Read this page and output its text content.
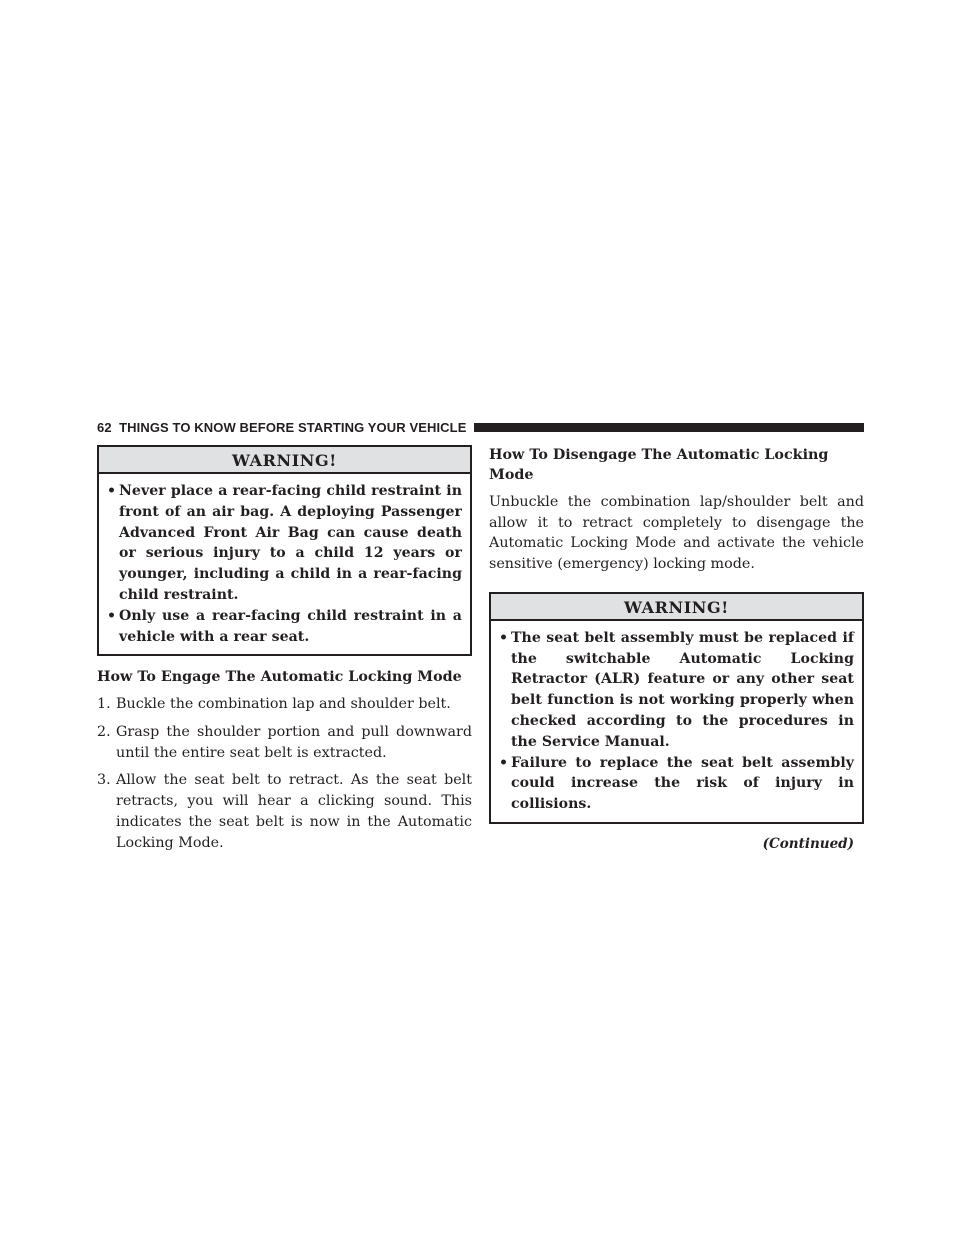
62 THINGS TO KNOW BEFORE STARTING YOUR VEHICLE
WARNING!
• Never place a rear-facing child restraint in front of an air bag. A deploying Passenger Advanced Front Air Bag can cause death or serious injury to a child 12 years or younger, including a child in a rear-facing child restraint.
• Only use a rear-facing child restraint in a vehicle with a rear seat.
How To Engage The Automatic Locking Mode
1. Buckle the combination lap and shoulder belt.
2. Grasp the shoulder portion and pull downward until the entire seat belt is extracted.
3. Allow the seat belt to retract. As the seat belt retracts, you will hear a clicking sound. This indicates the seat belt is now in the Automatic Locking Mode.
How To Disengage The Automatic Locking Mode
Unbuckle the combination lap/shoulder belt and allow it to retract completely to disengage the Automatic Locking Mode and activate the vehicle sensitive (emergency) locking mode.
WARNING!
• The seat belt assembly must be replaced if the switchable Automatic Locking Retractor (ALR) feature or any other seat belt function is not working properly when checked according to the procedures in the Service Manual.
• Failure to replace the seat belt assembly could increase the risk of injury in collisions.
(Continued)
